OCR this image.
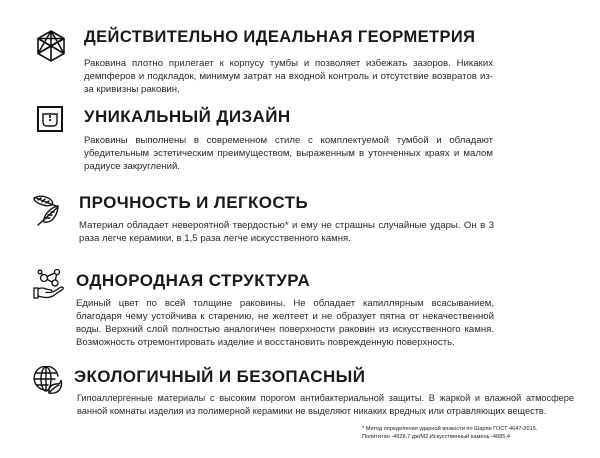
ДЕЙСТВИТЕЛЬНО ИДЕАЛЬНАЯ ГЕОРМЕТРИЯ
Раковина плотно прилегает к корпусу тумбы и позволяет избежать зазоров. Никаких демпферов и подкладок, минимум затрат на входной контроль и отсутствие возвратов из-за кривизны раковин.
УНИКАЛЬНЫЙ ДИЗАЙН
Раковины выполнены в современном стиле с комплектуемой тумбой и обладают убедительным эстетическим преимуществом, выраженным в утонченных краях и малом радиусе закруглений.
ПРОЧНОСТЬ И ЛЕГКОСТЬ
Материал обладает невероятной твердостью* и ему не страшны случайные удары. Он в 3 раза легче керамики, в 1,5 раза легче искусственного камня.
ОДНОРОДНАЯ СТРУКТУРА
Единый цвет по всей толщине раковины. Не обладает капиллярным всасыванием, благодаря чему устойчива к старению, не желтеет и не образует пятна от некачественной воды. Верхний слой полностью аналогичен поверхности раковин из искусственного камня. Возможность отремонтировать изделие и восстановить поврежденную поверхность.
ЭКОЛОГИЧНЫЙ И БЕЗОПАСНЫЙ
Гипоаллергенные материалы с высоким порогом антибактериальной защиты. В жаркой и влажной атмосфере ванной комнаты изделия из полимерной керамики не выделяют никаких вредных или отравляющих веществ.
* Метод определения ударной вязкости по Шарпи ГОСТ 4647-2015.
Полититан -4928,7 дж/М2.Искусственный камень -4685,4
